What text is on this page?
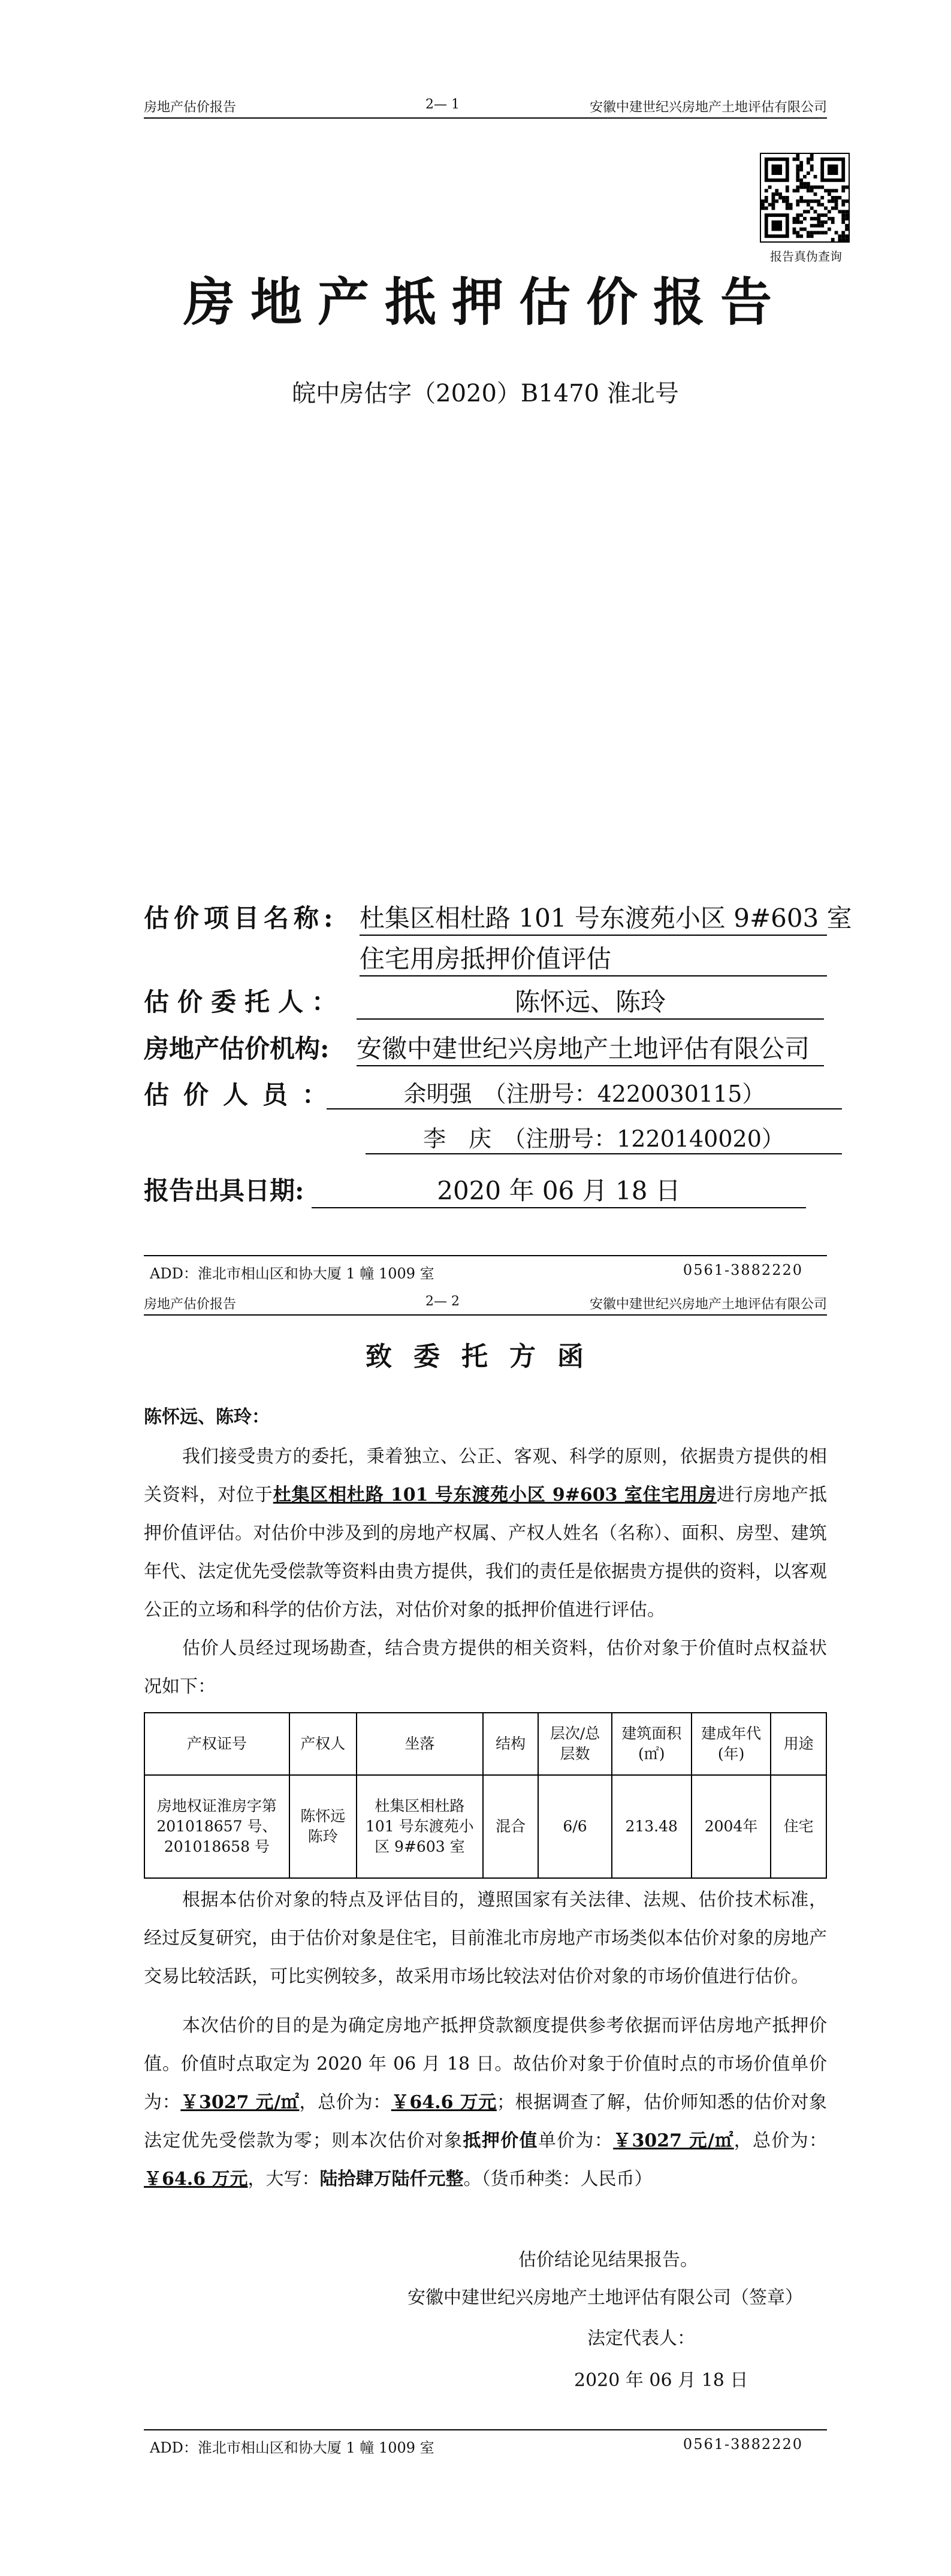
房地产估价报告	2— 1	安徽中建世纪兴房地产土地评估有限公司
报告真伪查询
房地产抵押估价报告
皖中房估字（2020）B1470 淮北号
估价项目名称: 杜集区相杜路 101 号东渡苑小区 9#603 室
住宅用房抵押价值评估
估价委托人：	陈怀远、陈玲
房地产估价机构: 安徽中建世纪兴房地产土地评估有限公司
估价人员：	余明强　（注册号：4220030115）
李　庆　（注册号：1220140020）
报告出具日期:	2020 年 06 月 18 日
ADD：淮北市相山区和协大厦 1 幢 1009 室	0561-3882220
房地产估价报告	2— 2	安徽中建世纪兴房地产土地评估有限公司
致委托方函
陈怀远、陈玲：

我们接受贵方的委托，秉着独立、公正、客观、科学的原则，依据贵方提供的相关资料，对位于杜集区相杜路 101 号东渡苑小区 9#603 室住宅用房进行房地产抵押价值评估。对估价中涉及到的房地产权属、产权人姓名（名称）、面积、房型、建筑年代、法定优先受偿款等资料由贵方提供，我们的责任是依据贵方提供的资料，以客观公正的立场和科学的估价方法，对估价对象的抵押价值进行评估。

估价人员经过现场勘查，结合贵方提供的相关资料，估价对象于价值时点权益状况如下：

产权证号	产权人	坐落	结构	层次/总层数	建筑面积(㎡)	建成年代(年)	用途
房地权证淮房字第 201018657 号、201018658 号	陈怀远 陈玲	杜集区相杜路 101 号东渡苑小区 9#603 室	混合	6/6	213.48	2004年	住宅

根据本估价对象的特点及评估目的，遵照国家有关法律、法规、估价技术标准，经过反复研究，由于估价对象是住宅，目前淮北市房地产市场类似本估价对象的房地产交易比较活跃，可比实例较多，故采用市场比较法对估价对象的市场价值进行估价。

本次估价的目的是为确定房地产抵押贷款额度提供参考依据而评估房地产抵押价值。价值时点取定为 2020 年 06 月 18 日。故估价对象于价值时点的市场价值单价为：￥3027 元/㎡，总价为：￥64.6 万元；根据调查了解，估价师知悉的估价对象法定优先受偿款为零；则本次估价对象抵押价值单价为：￥3027 元/㎡，总价为：￥64.6 万元，大写：陆拾肆万陆仟元整。（货币种类：人民币）

估价结论见结果报告。
安徽中建世纪兴房地产土地评估有限公司（签章）
法定代表人：
2020 年 06 月 18 日
ADD：淮北市相山区和协大厦 1 幢 1009 室	0561-3882220
